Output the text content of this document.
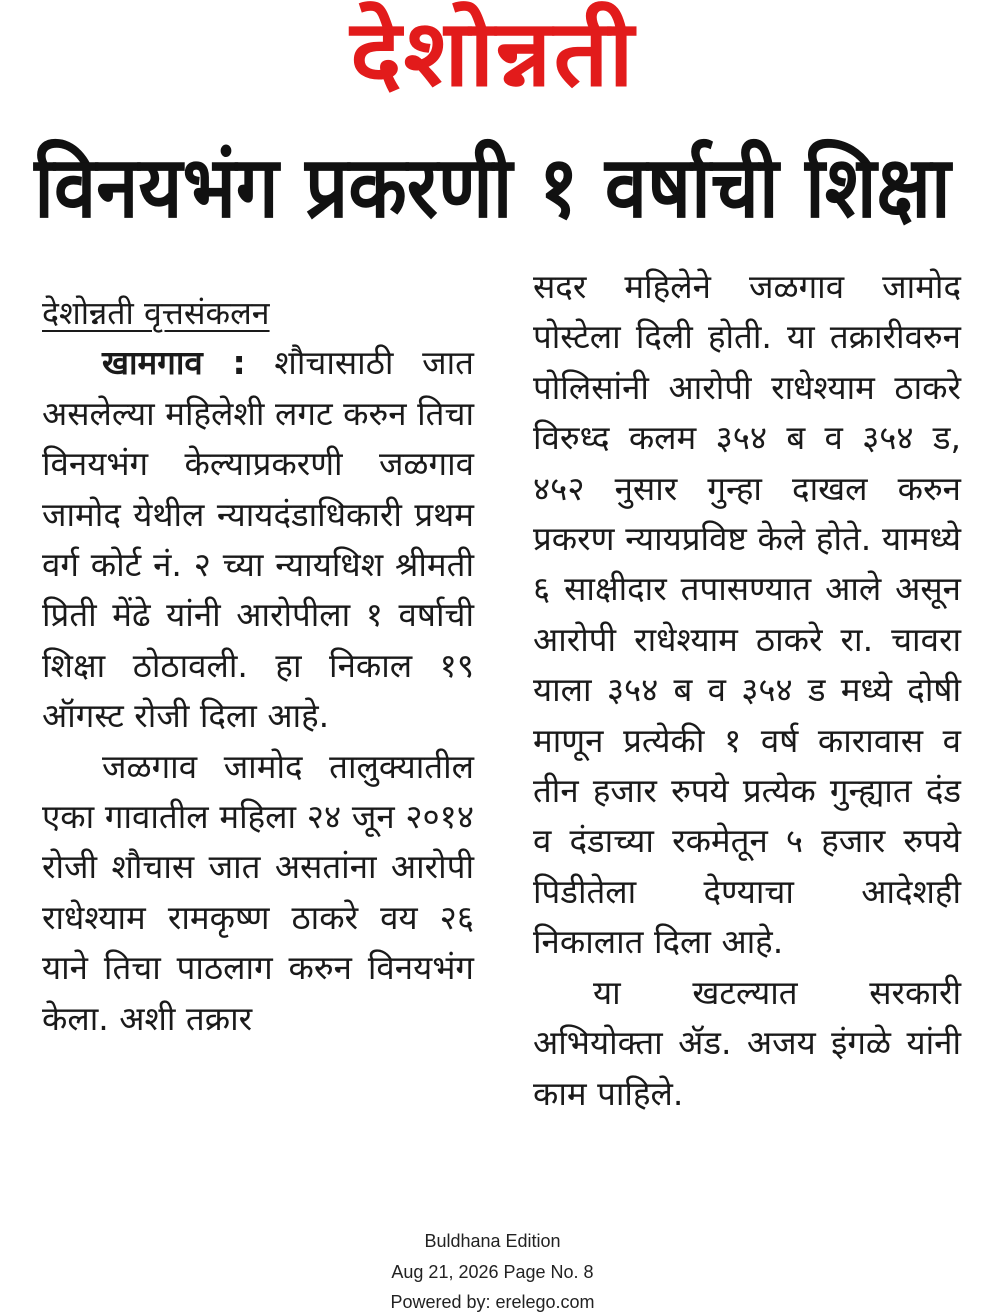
देशोन्नती
विनयभंग प्रकरणी १ वर्षाची शिक्षा
देशोन्नती वृत्तसंकलन

खामगाव : शौचासाठी जात असलेल्या महिलेशी लगट करुन तिचा विनयभंग केल्याप्रकरणी जळगाव जामोद येथील न्यायदंडाधिकारी प्रथम वर्ग कोर्ट नं. २ च्या न्यायधिश श्रीमती प्रिती मेंढे यांनी आरोपीला १ वर्षाची शिक्षा ठोठावली. हा निकाल १९ ऑगस्ट रोजी दिला आहे.

जळगाव जामोद तालुक्यातील एका गावातील महिला २४ जून २०१४ रोजी शौचास जात असतांना आरोपी राधेश्याम रामकृष्ण ठाकरे वय २६ याने तिचा पाठलाग करुन विनयभंग केला. अशी तक्रार

सदर महिलेने जळगाव जामोद पोस्टेला दिली होती. या तक्रारीवरुन पोलिसांनी आरोपी राधेश्याम ठाकरे विरुध्द कलम ३५४ ब व ३५४ ड, ४५२ नुसार गुन्हा दाखल करुन प्रकरण न्यायप्रविष्ट केले होते. यामध्ये ६ साक्षीदार तपासण्यात आले असून आरोपी राधेश्याम ठाकरे रा. चावरा याला ३५४ ब व ३५४ ड मध्ये दोषी माणून प्रत्येकी १ वर्ष कारावास व तीन हजार रुपये प्रत्येक गुन्ह्यात दंड व दंडाच्या रकमेतून ५ हजार रुपये पिडीतेला देण्याचा आदेशही निकालात दिला आहे.

या खटल्यात सरकारी अभियोक्ता ॲड. अजय इंगळे यांनी काम पाहिले.

Buldhana Edition
Aug 21, 2026 Page No. 8
Powered by: erelego.com
